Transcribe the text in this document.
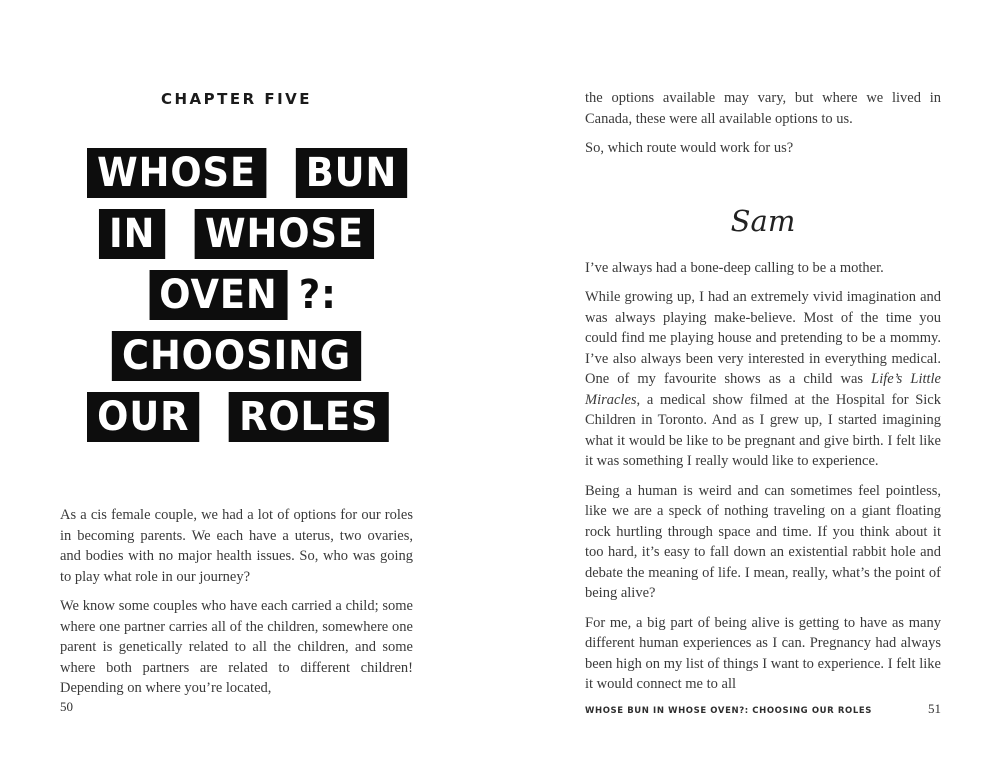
CHAPTER FIVE
WHOSE BUN
IN WHOSE
OVEN ?:
CHOOSING
OUR ROLES

As a cis female couple, we had a lot of options for our roles in becoming parents. We each have a uterus, two ovaries, and bodies with no major health issues. So, who was going to play what role in our journey?

We know some couples who have each carried a child; some where one partner carries all of the children, somewhere one parent is genetically related to all the children, and some where both partners are related to different children! Depending on where you’re located,

50

the options available may vary, but where we lived in Canada, these were all available options to us.

So, which route would work for us?

Sam

I’ve always had a bone-deep calling to be a mother.

While growing up, I had an extremely vivid imagination and was always playing make-believe. Most of the time you could find me playing house and pretending to be a mommy. I’ve also always been very interested in everything medical. One of my favourite shows as a child was Life’s Little Miracles, a medical show filmed at the Hospital for Sick Children in Toronto. And as I grew up, I started imagining what it would be like to be pregnant and give birth. I felt like it was something I really would like to experience.

Being a human is weird and can sometimes feel pointless, like we are a speck of nothing traveling on a giant floating rock hurtling through space and time. If you think about it too hard, it’s easy to fall down an existential rabbit hole and debate the meaning of life. I mean, really, what’s the point of being alive?

For me, a big part of being alive is getting to have as many different human experiences as I can. Pregnancy had always been high on my list of things I want to experience. I felt like it would connect me to all

WHOSE BUN IN WHOSE OVEN?: CHOOSING OUR ROLES	51
